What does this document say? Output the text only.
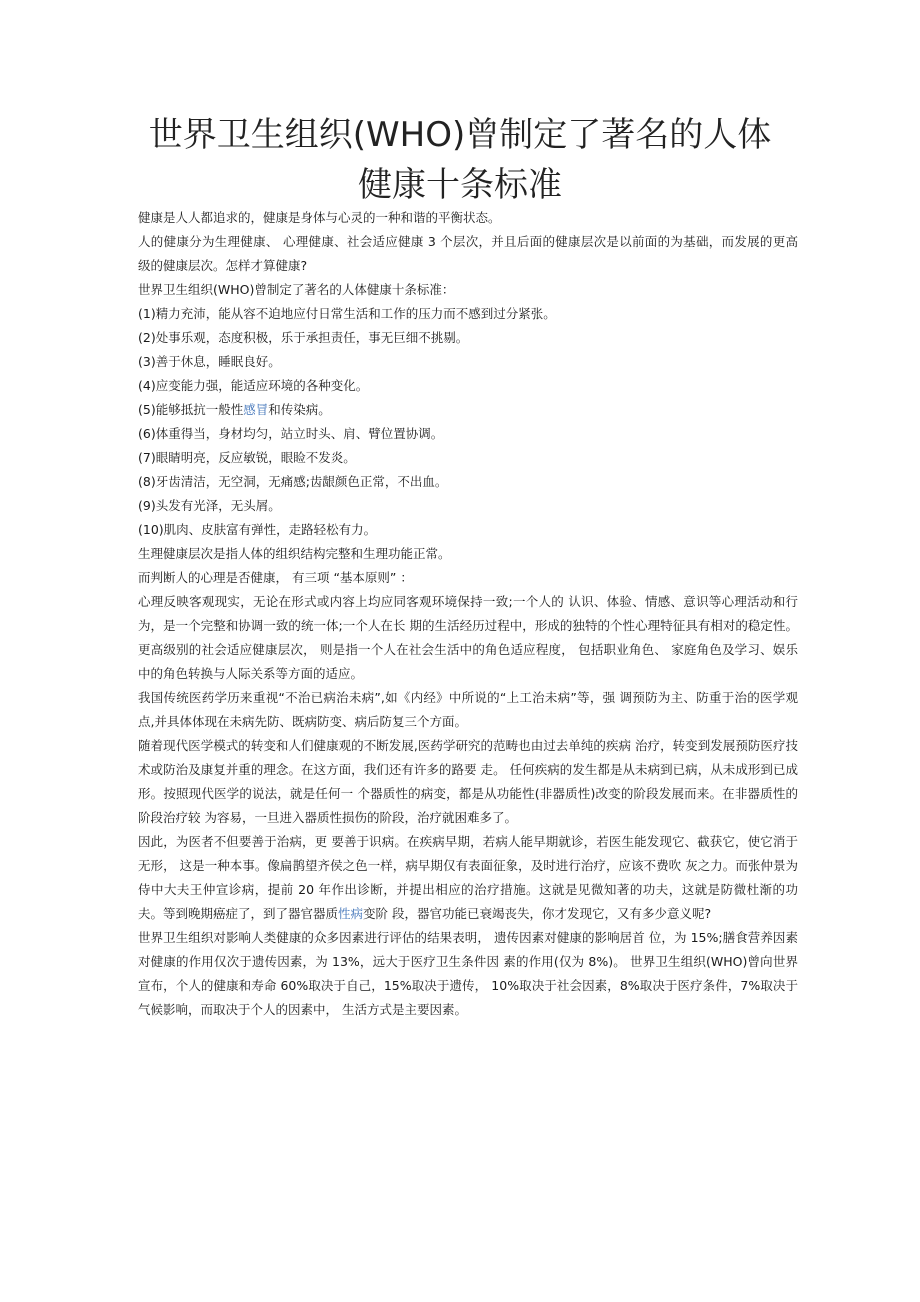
世界卫生组织(WHO)曾制定了著名的人体
健康十条标准

健康是人人都追求的，健康是身体与心灵的一种和谐的平衡状态。

人的健康分为生理健康、 心理健康、社会适应健康 3 个层次，并且后面的健康层次是以前面的为基础，而发展的更高 级的健康层次。怎样才算健康?

世界卫生组织(WHO)曾制定了著名的人体健康十条标准：

(1)精力充沛，能从容不迫地应付日常生活和工作的压力而不感到过分紧张。

(2)处事乐观，态度积极，乐于承担责任，事无巨细不挑剔。

(3)善于休息，睡眠良好。

(4)应变能力强，能适应环境的各种变化。

(5)能够抵抗一般性感冒和传染病。

(6)体重得当，身材均匀，站立时头、肩、臂位置协调。

(7)眼睛明亮，反应敏锐，眼睑不发炎。

(8)牙齿清洁，无空洞，无痛感;齿龈颜色正常，不出血。

(9)头发有光泽，无头屑。

(10)肌肉、皮肤富有弹性，走路轻松有力。

生理健康层次是指人体的组织结构完整和生理功能正常。

而判断人的心理是否健康， 有三项 “基本原则” ：

心理反映客观现实，无论在形式或内容上均应同客观环境保持一致;一个人的 认识、体验、情感、意识等心理活动和行为，是一个完整和协调一致的统一体;一个人在长 期的生活经历过程中，形成的独特的个性心理特征具有相对的稳定性。 更高级别的社会适应健康层次， 则是指一个人在社会生活中的角色适应程度， 包括职业角色、 家庭角色及学习、娱乐中的角色转换与人际关系等方面的适应。

我国传统医药学历来重视“不治已病治未病”,如《内经》中所说的“上工治未病”等，强 调预防为主、防重于治的医学观点,并具体体现在未病先防、既病防变、病后防复三个方面。

随着现代医学模式的转变和人们健康观的不断发展,医药学研究的范畴也由过去单纯的疾病 治疗，转变到发展预防医疗技术或防治及康复并重的理念。在这方面，我们还有许多的路要 走。 任何疾病的发生都是从未病到已病，从未成形到已成形。按照现代医学的说法，就是任何一 个器质性的病变，都是从功能性(非器质性)改变的阶段发展而来。在非器质性的阶段治疗较 为容易，一旦进入器质性损伤的阶段，治疗就困难多了。

因此，为医者不但要善于治病，更 要善于识病。在疾病早期，若病人能早期就诊，若医生能发现它、截获它，使它消于无形， 这是一种本事。像扁鹊望齐侯之色一样，病早期仅有表面征象，及时进行治疗，应该不费吹 灰之力。而张仲景为侍中大夫王仲宣诊病，提前 20 年作出诊断，并提出相应的治疗措施。这就是见微知著的功夫，这就是防微杜渐的功夫。等到晚期癌症了，到了器官器质性病变阶 段，器官功能已衰竭丧失，你才发现它，又有多少意义呢?

世界卫生组织对影响人类健康的众多因素进行评估的结果表明， 遗传因素对健康的影响居首 位，为 15%;膳食营养因素对健康的作用仅次于遗传因素，为 13%，远大于医疗卫生条件因 素的作用(仅为 8%)。 世界卫生组织(WHO)曾向世界宣布，个人的健康和寿命 60%取决于自己，15%取决于遗传， 10%取决于社会因素，8%取决于医疗条件，7%取决于气候影响，而取决于个人的因素中， 生活方式是主要因素。
